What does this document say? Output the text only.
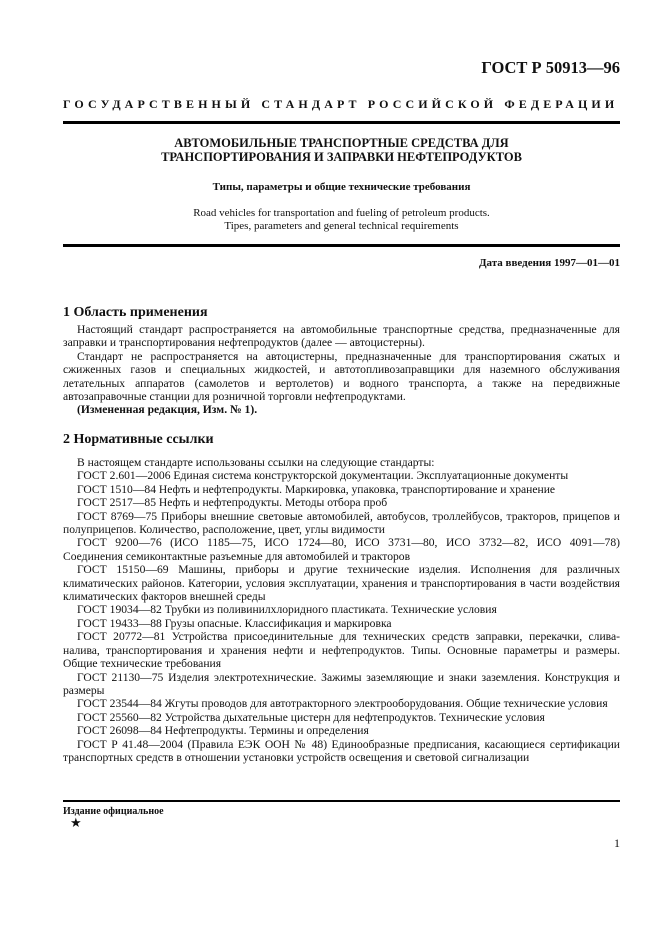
ГОСТ Р 50913—96
ГОСУДАРСТВЕННЫЙ СТАНДАРТ РОССИЙСКОЙ ФЕДЕРАЦИИ
АВТОМОБИЛЬНЫЕ ТРАНСПОРТНЫЕ СРЕДСТВА ДЛЯ
ТРАНСПОРТИРОВАНИЯ И ЗАПРАВКИ НЕФТЕПРОДУКТОВ
Типы, параметры и общие технические требования
Road vehicles for transportation and fueling of petroleum products.
Tipes, parameters and general technical requirements
Дата введения 1997—01—01
1 Область применения

Настоящий стандарт распространяется на автомобильные транспортные средства, предназначенные для заправки и транспортирования нефтепродуктов (далее — автоцистерны).

Стандарт не распространяется на автоцистерны, предназначенные для транспортирования сжатых и сжиженных газов и специальных жидкостей, и автотопливозаправщики для наземного обслуживания летательных аппаратов (самолетов и вертолетов) и водного транспорта, а также на передвижные автозаправочные станции для розничной торговли нефтепродуктами.

(Измененная редакция, Изм. № 1).

2 Нормативные ссылки

В настоящем стандарте использованы ссылки на следующие стандарты:

ГОСТ 2.601—2006 Единая система конструкторской документации. Эксплуатационные документы

ГОСТ 1510—84 Нефть и нефтепродукты. Маркировка, упаковка, транспортирование и хранение

ГОСТ 2517—85 Нефть и нефтепродукты. Методы отбора проб

ГОСТ 8769—75 Приборы внешние световые автомобилей, автобусов, троллейбусов, тракторов, прицепов и полуприцепов. Количество, расположение, цвет, углы видимости

ГОСТ 9200—76 (ИСО 1185—75, ИСО 1724—80, ИСО 3731—80, ИСО 3732—82, ИСО 4091—78) Соединения семиконтактные разъемные для автомобилей и тракторов

ГОСТ 15150—69 Машины, приборы и другие технические изделия. Исполнения для различных климатических районов. Категории, условия эксплуатации, хранения и транспортирования в части воздействия климатических факторов внешней среды

ГОСТ 19034—82 Трубки из поливинилхлоридного пластиката. Технические условия

ГОСТ 19433—88 Грузы опасные. Классификация и маркировка

ГОСТ 20772—81 Устройства присоединительные для технических средств заправки, перекачки, слива-налива, транспортирования и хранения нефти и нефтепродуктов. Типы. Основные параметры и размеры. Общие технические требования

ГОСТ 21130—75 Изделия электротехнические. Зажимы заземляющие и знаки заземления. Конструкция и размеры

ГОСТ 23544—84 Жгуты проводов для автотракторного электрооборудования. Общие технические условия

ГОСТ 25560—82 Устройства дыхательные цистерн для нефтепродуктов. Технические условия

ГОСТ 26098—84 Нефтепродукты. Термины и определения

ГОСТ Р 41.48—2004 (Правила ЕЭК ООН № 48) Единообразные предписания, касающиеся сертификации транспортных средств в отношении установки устройств освещения и световой сигнализации

Издание официальное
★
1
